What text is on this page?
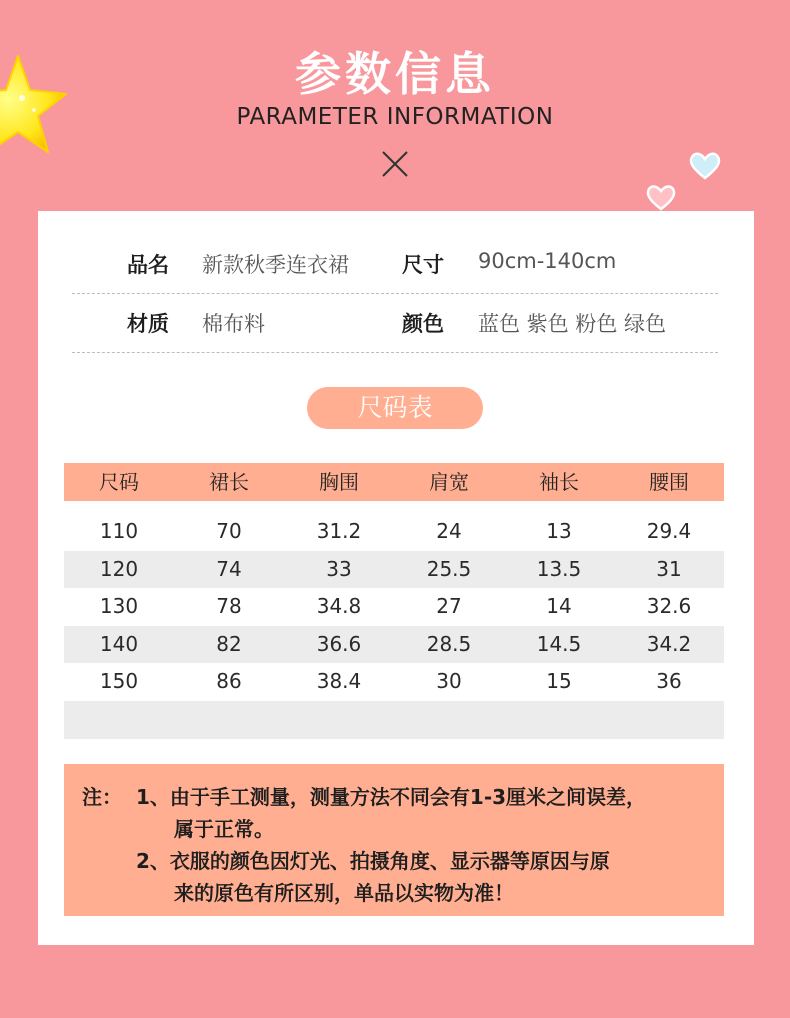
参数信息
PARAMETER INFORMATION
品名 新款秋季连衣裙	尺寸 90cm-140cm
材质 棉布料	颜色 蓝色 紫色 粉色 绿色
尺码表
尺码	裙长	胸围	肩宽	袖长	腰围
110	70	31.2	24	13	29.4
120	74	33	25.5	13.5	31
130	78	34.8	27	14	32.6
140	82	36.6	28.5	14.5	34.2
150	86	38.4	30	15	36
注： 1、由于手工测量，测量方法不同会有1-3厘米之间误差，
属于正常。
2、衣服的颜色因灯光、拍摄角度、显示器等原因与原
来的原色有所区别，单品以实物为准！
